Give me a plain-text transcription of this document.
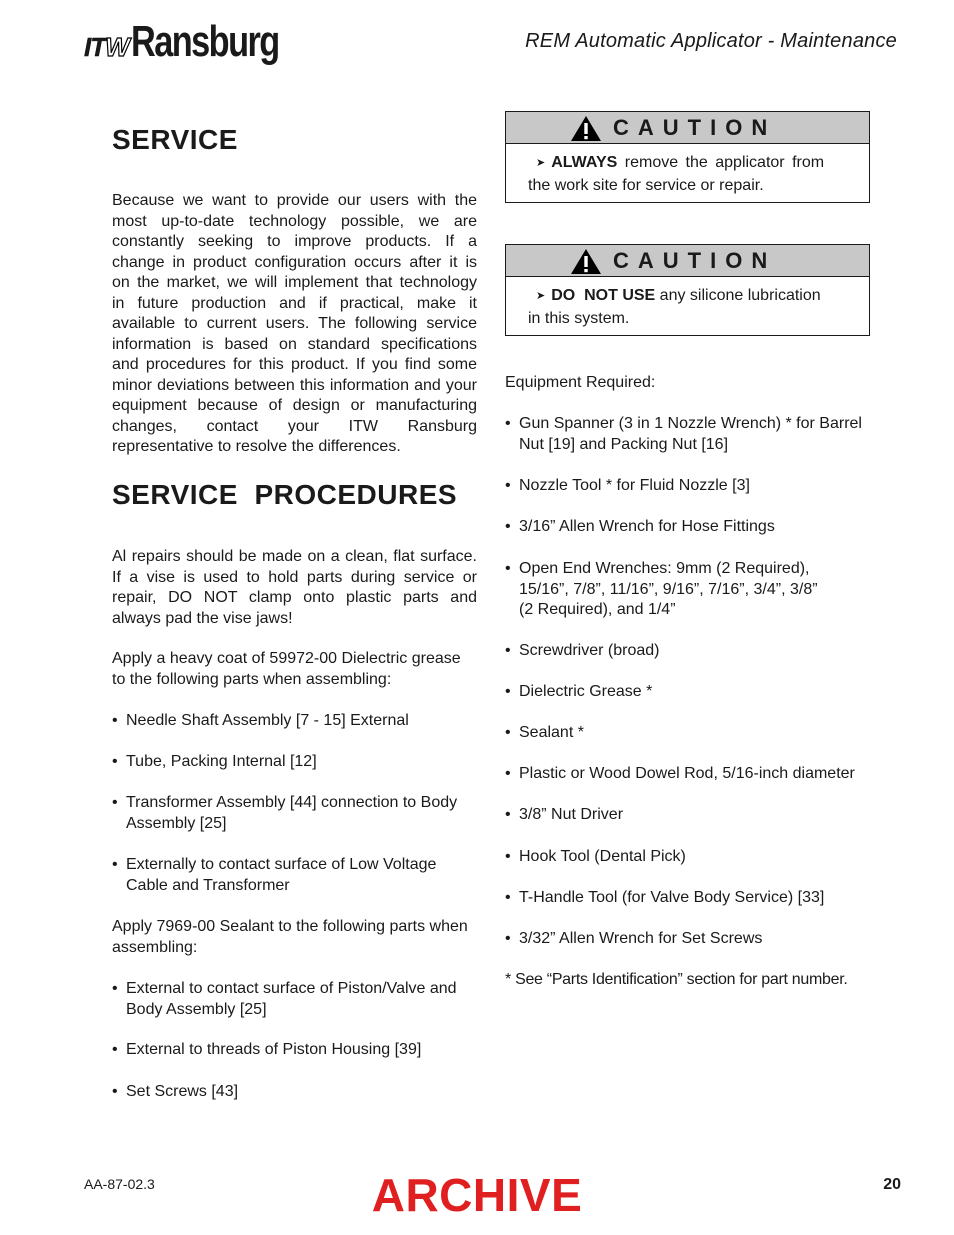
ITW Ransburg	REM Automatic Applicator - Maintenance
SERVICE
Because we want to provide our users with the
most up-to-date technology possible, we are
constantly seeking to improve products. If a
change in product configuration occurs after it is
on the market, we will implement that technology
in future production and if practical, make it
available to current users. The following service
information is based on standard specifications
and procedures for this product. If you find some
minor deviations between this information and your
equipment because of design or manufacturing
changes, contact your ITW Ransburg
representative to resolve the differences.
SERVICE  PROCEDURES
Al repairs should be made on a clean, flat surface.
If a vise is used to hold parts during service or
repair, DO NOT clamp onto plastic parts and
always pad the vise jaws!
Apply a heavy coat of 59972-00 Dielectric grease
to the following parts when assembling:
• Needle Shaft Assembly [7 - 15] External
• Tube, Packing Internal [12]
• Transformer Assembly [44] connection to Body
Assembly [25]
• Externally to contact surface of Low Voltage
Cable and Transformer
Apply 7969-00 Sealant to the following parts when
assembling:
• External to contact surface of Piston/Valve and
Body Assembly [25]
• External to threads of Piston Housing [39]
• Set Screws [43]
CAUTION
➤ ALWAYS remove the applicator from
the work site for service or repair.
CAUTION
➤ DO  NOT USE any silicone lubrication
in this system.
Equipment Required:
• Gun Spanner (3 in 1 Nozzle Wrench) * for Barrel
Nut [19] and Packing Nut [16]
• Nozzle Tool * for Fluid Nozzle [3]
• 3/16” Allen Wrench for Hose Fittings
• Open End Wrenches: 9mm (2 Required),
15/16”, 7/8”, 11/16”, 9/16”, 7/16”, 3/4”, 3/8”
(2 Required), and 1/4”
• Screwdriver (broad)
• Dielectric Grease *
• Sealant *
• Plastic or Wood Dowel Rod, 5/16-inch diameter
• 3/8” Nut Driver
• Hook Tool (Dental Pick)
• T-Handle Tool (for Valve Body Service) [33]
• 3/32” Allen Wrench for Set Screws
* See “Parts Identification” section for part number.
AA-87-02.3	ARCHIVE	20
